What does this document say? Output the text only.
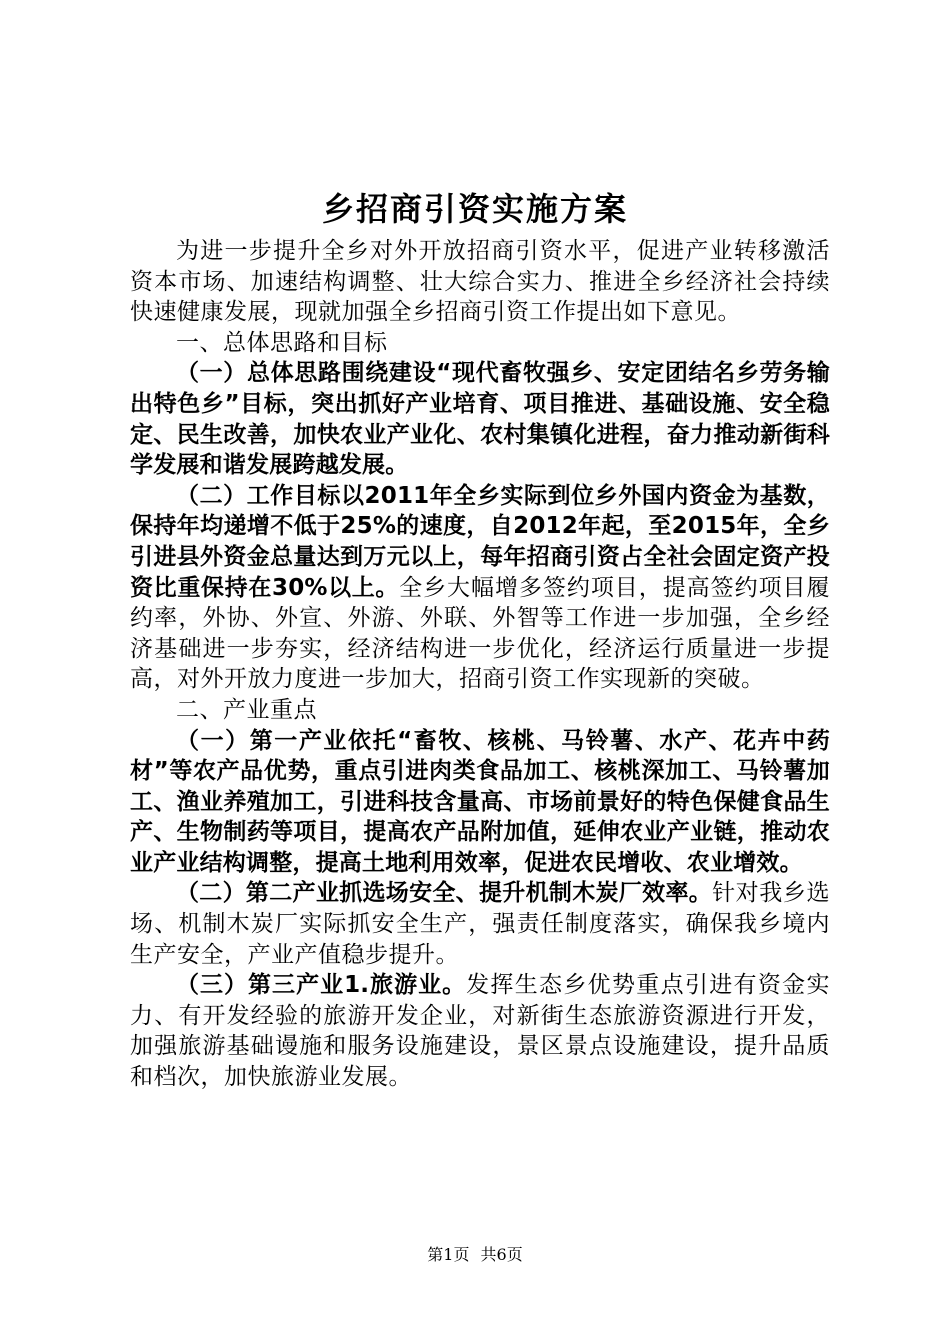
乡招商引资实施方案

为进一步提升全乡对外开放招商引资水平，促进产业转移激活资本市场、加速结构调整、壮大综合实力、推进全乡经济社会持续快速健康发展，现就加强全乡招商引资工作提出如下意见。

一、总体思路和目标

（一）总体思路围绕建设“现代畜牧强乡、安定团结名乡劳务输出特色乡”目标，突出抓好产业培育、项目推进、基础设施、安全稳定、民生改善，加快农业产业化、农村集镇化进程，奋力推动新街科学发展和谐发展跨越发展。

（二）工作目标以2011年全乡实际到位乡外国内资金为基数，保持年均递增不低于25%的速度，自2012年起，至2015年，全乡引进县外资金总量达到万元以上，每年招商引资占全社会固定资产投资比重保持在30%以上。全乡大幅增多签约项目，提高签约项目履约率，外协、外宣、外游、外联、外智等工作进一步加强，全乡经济基础进一步夯实，经济结构进一步优化，经济运行质量进一步提高，对外开放力度进一步加大，招商引资工作实现新的突破。

二、产业重点

（一）第一产业依托“畜牧、核桃、马铃薯、水产、花卉中药材”等农产品优势，重点引进肉类食品加工、核桃深加工、马铃薯加工、渔业养殖加工，引进科技含量高、市场前景好的特色保健食品生产、生物制药等项目，提高农产品附加值，延伸农业产业链，推动农业产业结构调整，提高土地利用效率，促进农民增收、农业增效。

（二）第二产业抓选场安全、提升机制木炭厂效率。针对我乡选场、机制木炭厂实际抓安全生产，强责任制度落实，确保我乡境内生产安全，产业产值稳步提升。

（三）第三产业1.旅游业。发挥生态乡优势重点引进有资金实力、有开发经验的旅游开发企业，对新街生态旅游资源进行开发，加强旅游基础谩施和服务设施建设，景区景点设施建设，提升品质和档次，加快旅游业发展。

第1页 共6页
